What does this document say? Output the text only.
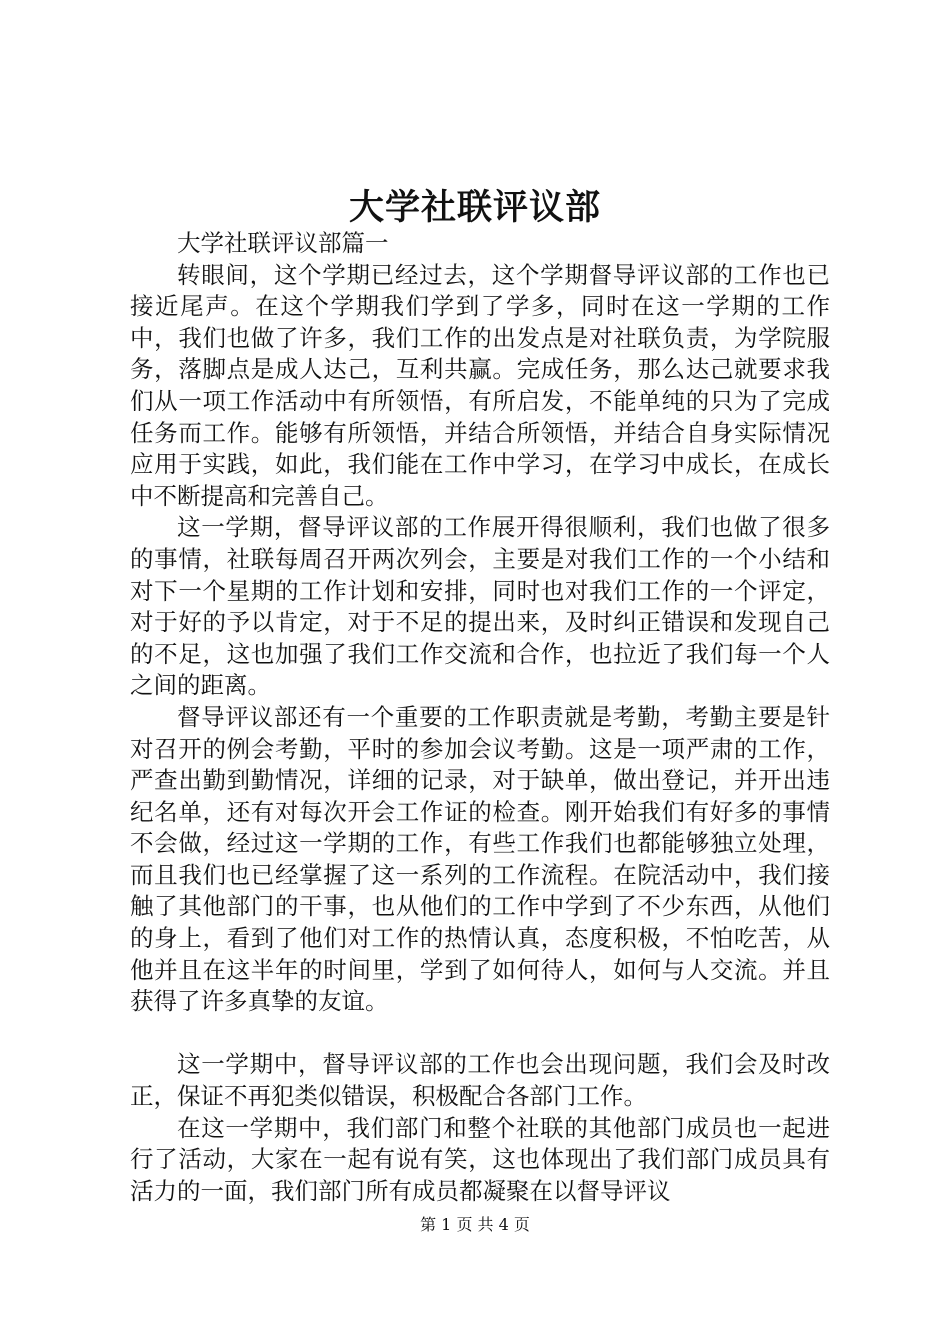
大学社联评议部

大学社联评议部篇一

转眼间，这个学期已经过去，这个学期督导评议部的工作也已接近尾声。在这个学期我们学到了学多，同时在这一学期的工作中，我们也做了许多，我们工作的出发点是对社联负责，为学院服务，落脚点是成人达己，互利共赢。完成任务，那么达己就要求我们从一项工作活动中有所领悟，有所启发，不能单纯的只为了完成任务而工作。能够有所领悟，并结合所领悟，并结合自身实际情况应用于实践，如此，我们能在工作中学习，在学习中成长，在成长中不断提高和完善自己。

这一学期，督导评议部的工作展开得很顺利，我们也做了很多的事情，社联每周召开两次列会，主要是对我们工作的一个小结和对下一个星期的工作计划和安排，同时也对我们工作的一个评定，对于好的予以肯定，对于不足的提出来，及时纠正错误和发现自己的不足，这也加强了我们工作交流和合作，也拉近了我们每一个人之间的距离。

督导评议部还有一个重要的工作职责就是考勤，考勤主要是针对召开的例会考勤，平时的参加会议考勤。这是一项严肃的工作，严查出勤到勤情况，详细的记录，对于缺单，做出登记，并开出违纪名单，还有对每次开会工作证的检查。刚开始我们有好多的事情不会做，经过这一学期的工作，有些工作我们也都能够独立处理，而且我们也已经掌握了这一系列的工作流程。在院活动中，我们接触了其他部门的干事，也从他们的工作中学到了不少东西，从他们的身上，看到了他们对工作的热情认真，态度积极，不怕吃苦，从他并且在这半年的时间里，学到了如何待人，如何与人交流。并且获得了许多真挚的友谊。

这一学期中，督导评议部的工作也会出现问题，我们会及时改正，保证不再犯类似错误，积极配合各部门工作。

在这一学期中，我们部门和整个社联的其他部门成员也一起进行了活动，大家在一起有说有笑，这也体现出了我们部门成员具有活力的一面，我们部门所有成员都凝聚在以督导评议

第 1 页 共 4 页
